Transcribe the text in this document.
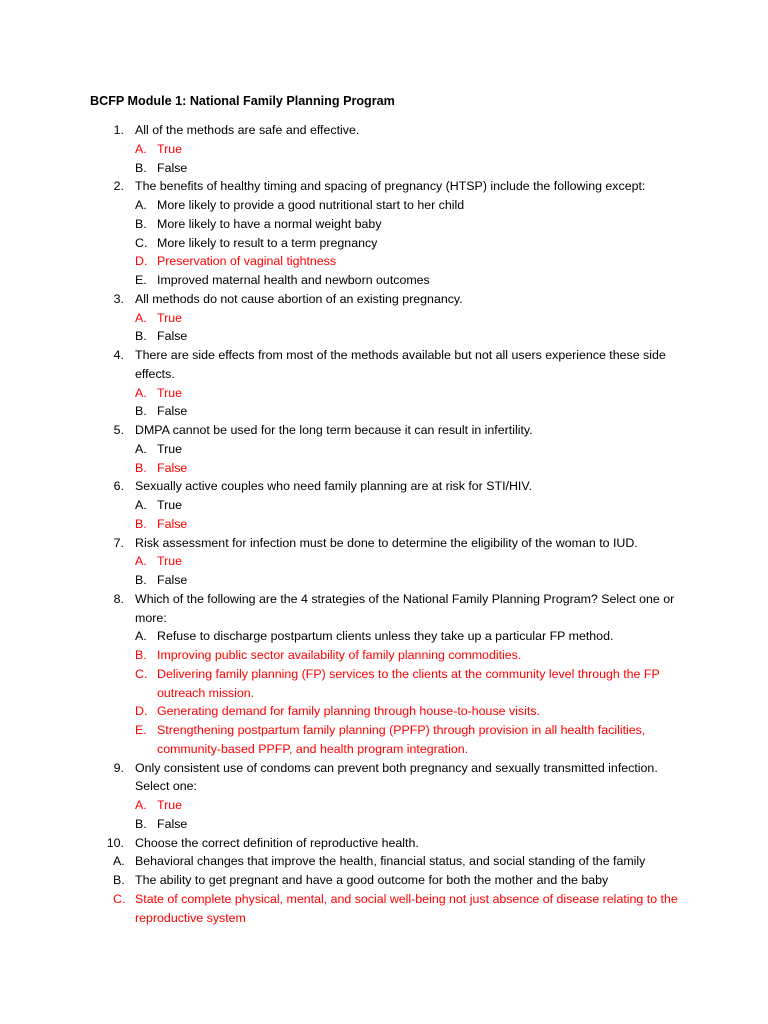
BCFP Module 1: National Family Planning Program
1. All of the methods are safe and effective.
A. True
B. False
2. The benefits of healthy timing and spacing of pregnancy (HTSP) include the following except:
A. More likely to provide a good nutritional start to her child
B. More likely to have a normal weight baby
C. More likely to result to a term pregnancy
D. Preservation of vaginal tightness
E. Improved maternal health and newborn outcomes
3. All methods do not cause abortion of an existing pregnancy.
A. True
B. False
4. There are side effects from most of the methods available but not all users experience these side effects.
A. True
B. False
5. DMPA cannot be used for the long term because it can result in infertility.
A. True
B. False
6. Sexually active couples who need family planning are at risk for STI/HIV.
A. True
B. False
7. Risk assessment for infection must be done to determine the eligibility of the woman to IUD.
A. True
B. False
8. Which of the following are the 4 strategies of the National Family Planning Program? Select one or more:
A. Refuse to discharge postpartum clients unless they take up a particular FP method.
B. Improving public sector availability of family planning commodities.
C. Delivering family planning (FP) services to the clients at the community level through the FP outreach mission.
D. Generating demand for family planning through house-to-house visits.
E. Strengthening postpartum family planning (PPFP) through provision in all health facilities, community-based PPFP, and health program integration.
9. Only consistent use of condoms can prevent both pregnancy and sexually transmitted infection. Select one:
A. True
B. False
10. Choose the correct definition of reproductive health.
A. Behavioral changes that improve the health, financial status, and social standing of the family
B. The ability to get pregnant and have a good outcome for both the mother and the baby
C. State of complete physical, mental, and social well-being not just absence of disease relating to the reproductive system
